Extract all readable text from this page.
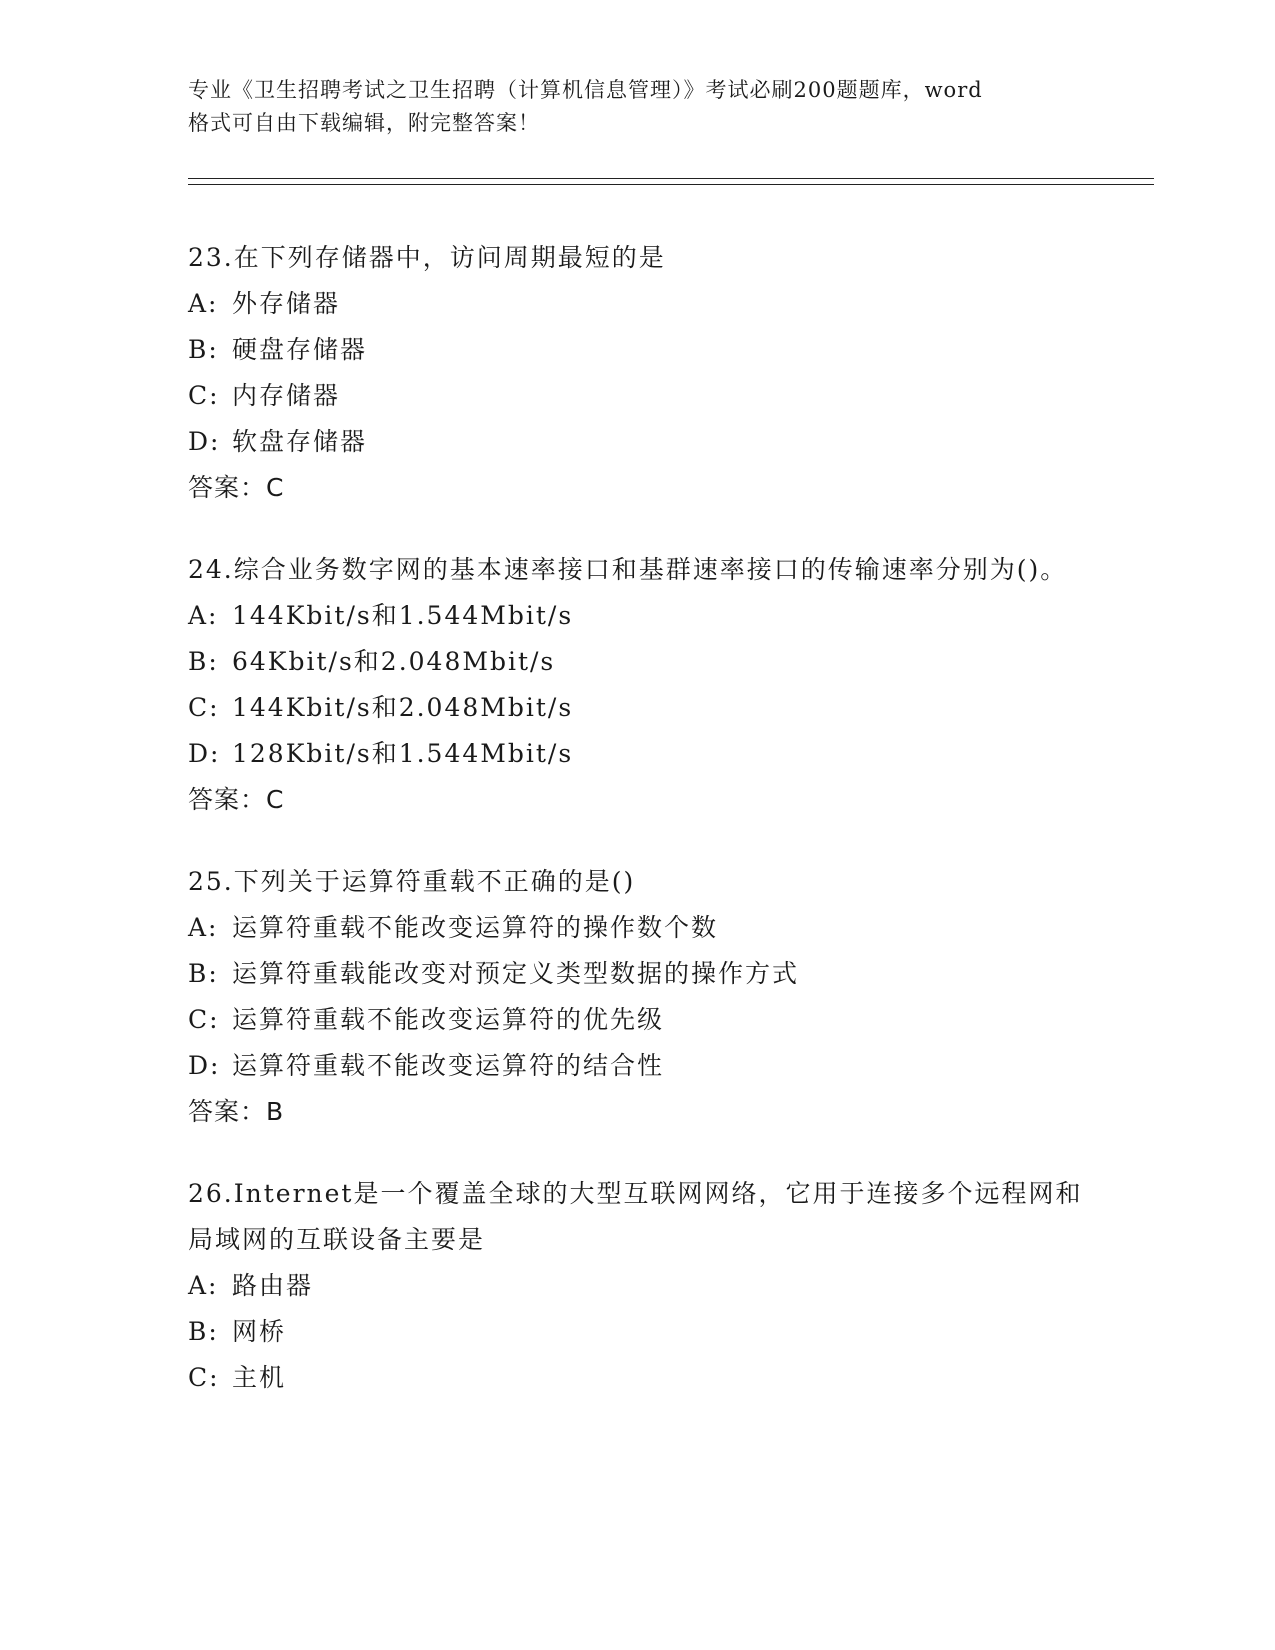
专业《卫生招聘考试之卫生招聘（计算机信息管理）》考试必刷200题题库，word
格式可自由下载编辑，附完整答案！
23.在下列存储器中，访问周期最短的是
A: 外存储器
B: 硬盘存储器
C: 内存储器
D: 软盘存储器
答案：C
24.综合业务数字网的基本速率接口和基群速率接口的传输速率分别为()。
A: 144Kbit/s和1.544Mbit/s
B: 64Kbit/s和2.048Mbit/s
C: 144Kbit/s和2.048Mbit/s
D: 128Kbit/s和1.544Mbit/s
答案：C
25.下列关于运算符重载不正确的是()
A: 运算符重载不能改变运算符的操作数个数
B: 运算符重载能改变对预定义类型数据的操作方式
C: 运算符重载不能改变运算符的优先级
D: 运算符重载不能改变运算符的结合性
答案：B
26.Internet是一个覆盖全球的大型互联网网络，它用于连接多个远程网和局域网的互联设备主要是
A: 路由器
B: 网桥
C: 主机
